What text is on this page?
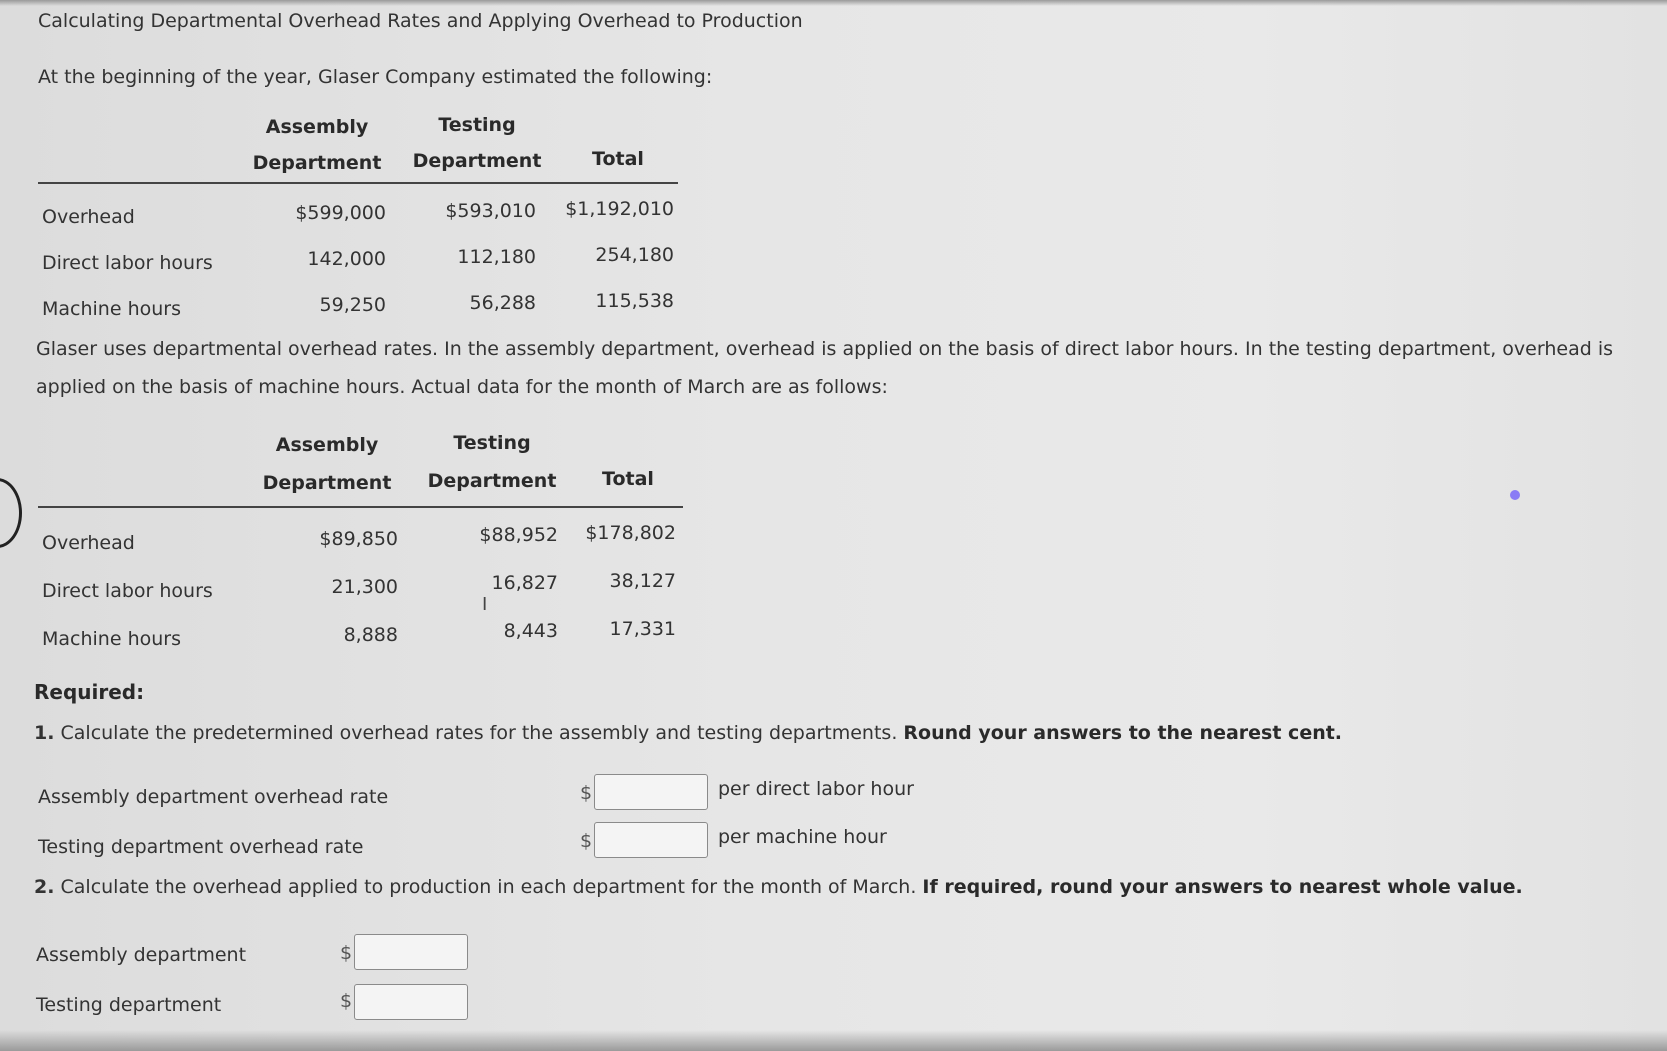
Calculating Departmental Overhead Rates and Applying Overhead to Production
At the beginning of the year, Glaser Company estimated the following:
Assembly
Department
Testing
Department	Total
Overhead	$599,000	$593,010	$1,192,010
Direct labor hours	142,000	112,180	254,180
Machine hours	59,250	56,288	115,538
Glaser uses departmental overhead rates. In the assembly department, overhead is applied on the basis of direct labor hours. In the testing department, overhead is applied on the basis of machine hours. Actual data for the month of March are as follows:
Assembly
Department
Testing
Department	Total
Overhead	$89,850	$88,952	$178,802
Direct labor hours	21,300	16,827	38,127
I
Machine hours	8,888	8,443	17,331
Required:
1. Calculate the predetermined overhead rates for the assembly and testing departments. Round your answers to the nearest cent.
Assembly department overhead rate	$	per direct labor hour
Testing department overhead rate	$	per machine hour
2. Calculate the overhead applied to production in each department for the month of March. If required, round your answers to nearest whole value.
Assembly department	$
Testing department	$
